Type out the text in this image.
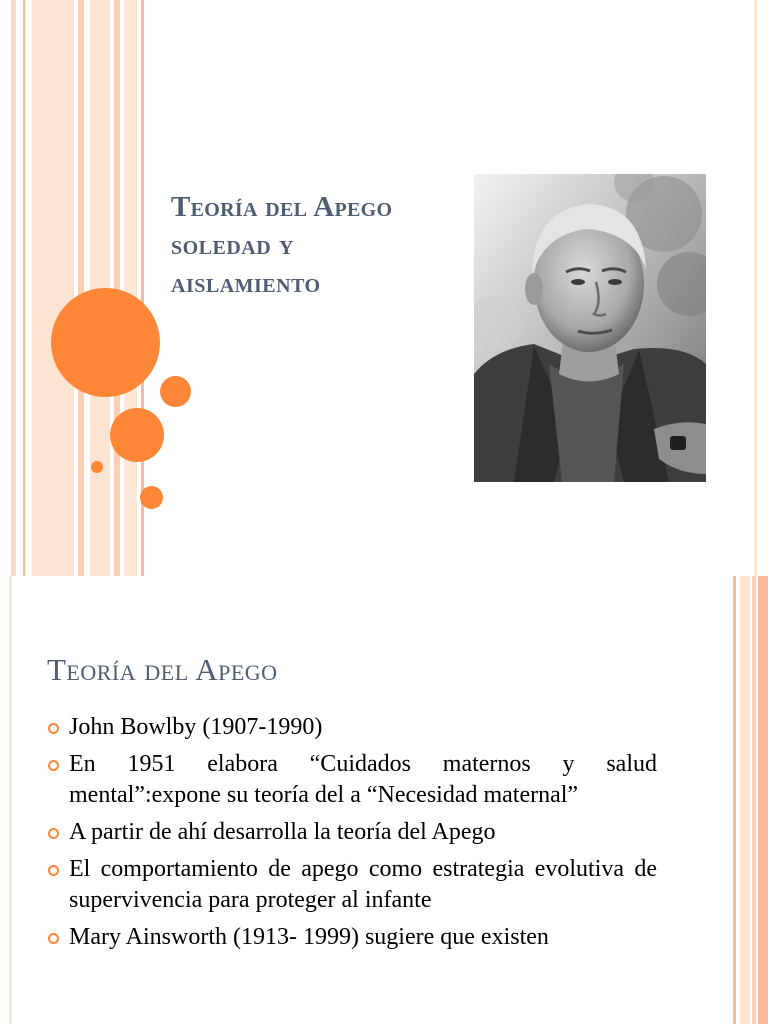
Teoría del Apego
soledad y
aislamiento
Teoría del Apego
John Bowlby (1907-1990)
En 1951 elabora “Cuidados maternos y salud mental”:expone su teoría del a “Necesidad maternal”
A partir de ahí desarrolla la teoría del Apego
El comportamiento de apego como estrategia evolutiva de supervivencia para proteger al infante
Mary Ainsworth (1913- 1999) sugiere que existen
